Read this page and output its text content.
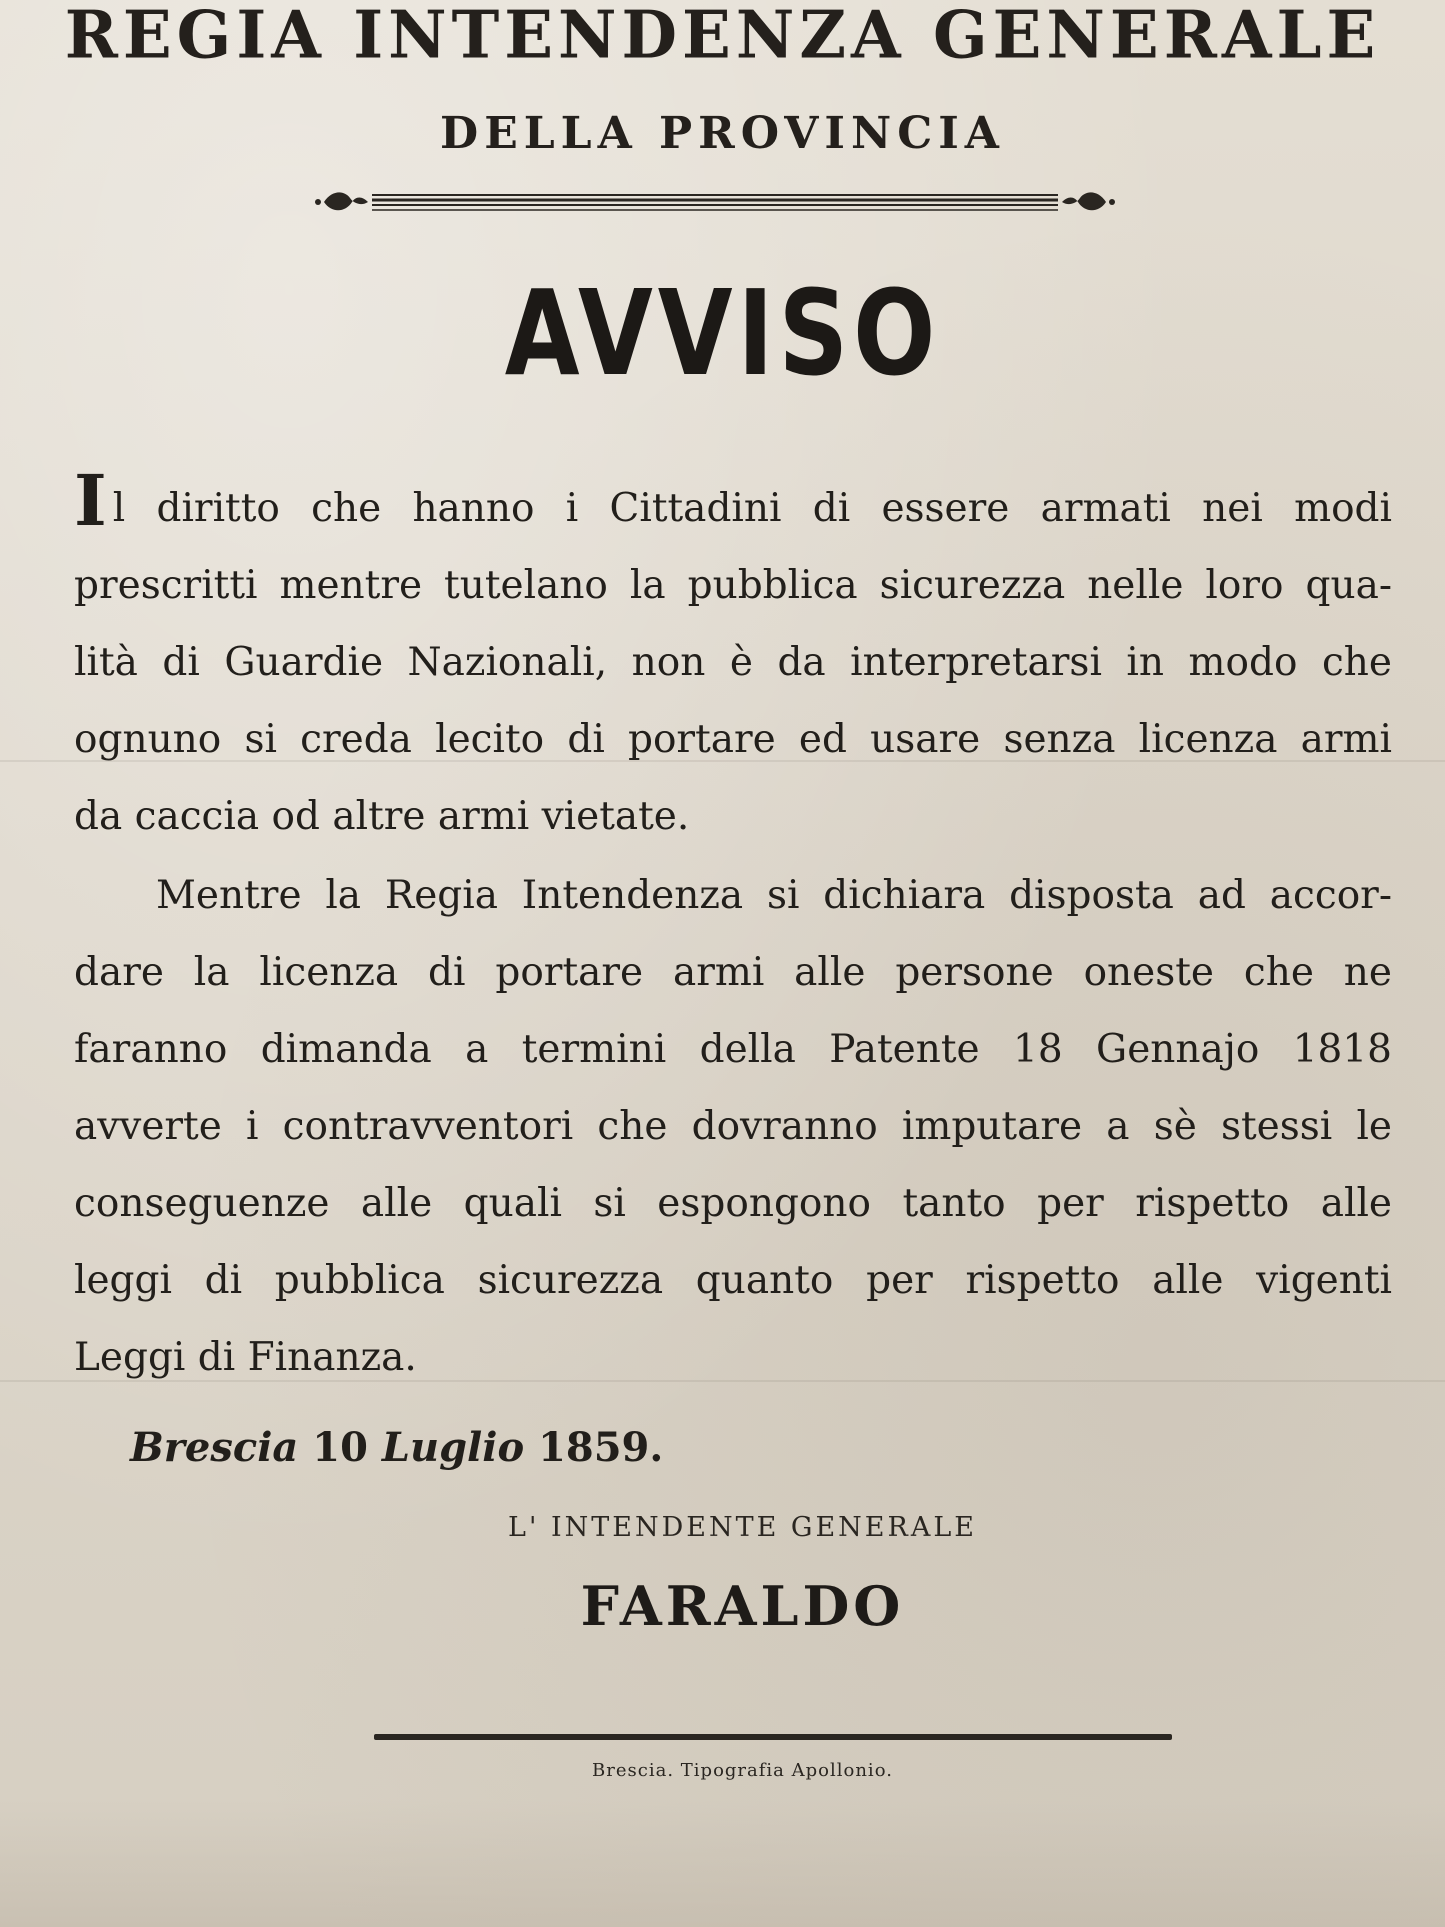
REGIA INTENDENZA GENERALE
DELLA PROVINCIA
AVVISO
Il diritto che hanno i Cittadini di essere armati nei modi
prescritti mentre tutelano la pubblica sicurezza nelle loro qua-
lità di Guardie Nazionali, non è da interpretarsi in modo che
ognuno si creda lecito di portare ed usare senza licenza armi
da caccia od altre armi vietate.
Mentre la Regia Intendenza si dichiara disposta ad accor-
dare la licenza di portare armi alle persone oneste che ne
faranno dimanda a termini della Patente 18 Gennajo 1818
avverte i contravventori che dovranno imputare a sè stessi le
conseguenze alle quali si espongono tanto per rispetto alle
leggi di pubblica sicurezza quanto per rispetto alle vigenti
Leggi di Finanza.
Brescia 10 Luglio 1859.
L' INTENDENTE GENERALE
FARALDO
Brescia. Tipografia Apollonio.
